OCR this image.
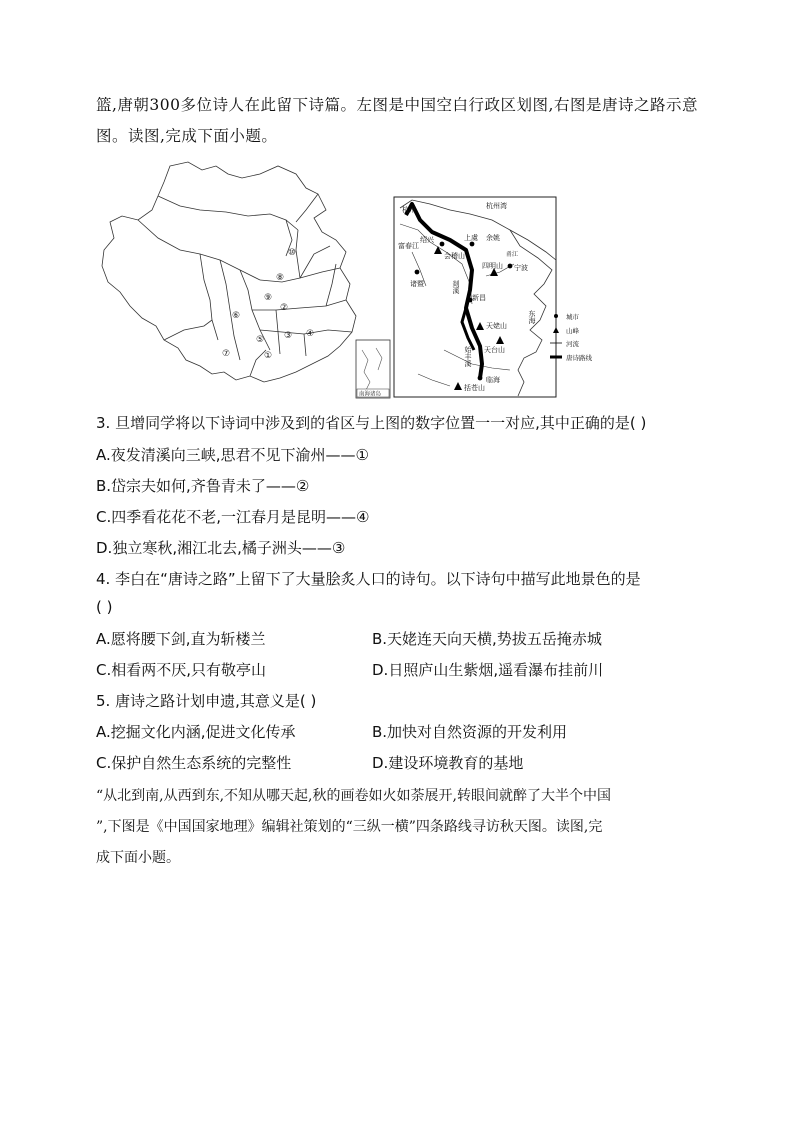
篮,唐朝300多位诗人在此留下诗篇。左图是中国空白行政区划图,右图是唐诗之路示意
图。读图,完成下面小题。
⑩
⑧
⑨
⑥
②
③ ④
⑤
①
⑦
南海诸岛
杭州	杭州湾
绍兴
富春江
上虞 余姚
会稽山
四明山 宁波
诸暨	剡溪
新昌
天姥山
天台山
始丰溪
临海
括苍山
东海
甬江
城市
山峰
河流
唐诗路线
3. 旦增同学将以下诗词中涉及到的省区与上图的数字位置一一对应,其中正确的是( )
A.夜发清溪向三峡,思君不见下渝州——①
B.岱宗夫如何,齐鲁青未了——②
C.四季看花花不老,一江春月是昆明——④
D.独立寒秋,湘江北去,橘子洲头——③
4. 李白在“唐诗之路”上留下了大量脍炙人口的诗句。以下诗句中描写此地景色的是
( )
A.愿将腰下剑,直为斩楼兰	B.天姥连天向天横,势拔五岳掩赤城
C.相看两不厌,只有敬亭山	D.日照庐山生紫烟,遥看瀑布挂前川
5. 唐诗之路计划申遗,其意义是( )
A.挖掘文化内涵,促进文化传承	B.加快对自然资源的开发利用
C.保护自然生态系统的完整性	D.建设环境教育的基地
“从北到南,从西到东,不知从哪天起,秋的画卷如火如荼展开,转眼间就醉了大半个中国
”,下图是《中国国家地理》编辑社策划的“三纵一横”四条路线寻访秋天图。读图,完
成下面小题。
